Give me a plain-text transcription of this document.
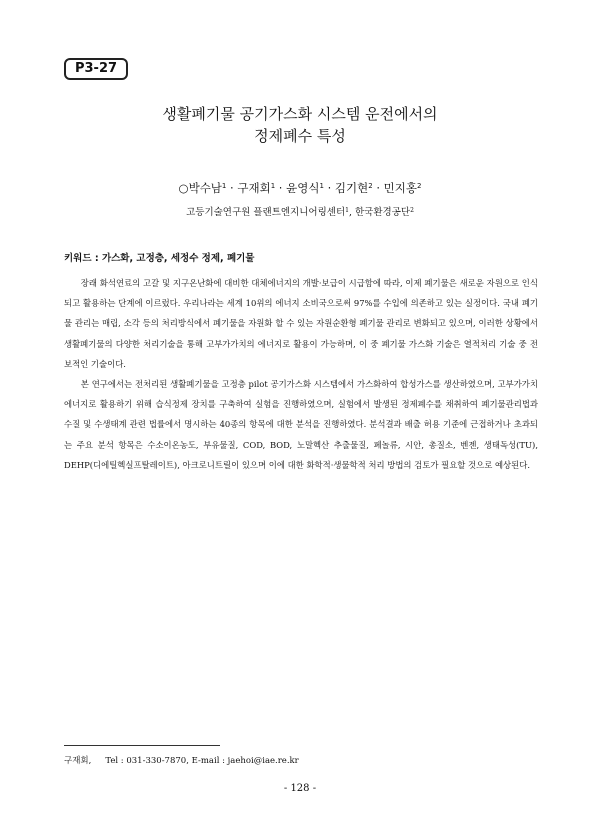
P3-27
생활폐기물 공기가스화 시스템 운전에서의
정제폐수 특성
○박수남$^1$ · 구재회$^1$ · 윤영식$^1$ · 김기현$^2$ · 민지홍$^2$
고등기술연구원 플랜트엔지니어링센터$^1$, 한국환경공단$^2$
키워드 : 가스화, 고정층, 세정수 정제, 폐기물

장래 화석연료의 고갈 및 지구온난화에 대비한 대체에너지의 개발·보급이 시급함에 따라, 이제 폐기물은 새로운 자원으로 인식되고 활용하는 단계에 이르렀다. 우리나라는 세계 10위의 에너지 소비국으로써 97%를 수입에 의존하고 있는 실정이다. 국내 폐기물 관리는 매립, 소각 등의 처리방식에서 폐기물을 자원화 할 수 있는 자원순환형 폐기물 관리로 변화되고 있으며, 이러한 상황에서 생활폐기물의 다양한 처리기술을 통해 고부가가치의 에너지로 활용이 가능하며, 이 중 폐기물 가스화 기술은 열적처리 기술 중 전보적인 기술이다.

본 연구에서는 전처리된 생활폐기물을 고정층 pilot 공기가스화 시스템에서 가스화하여 합성가스를 생산하였으며, 고부가가치 에너지로 활용하기 위해 습식정제 장치를 구축하여 실험을 진행하였으며, 실험에서 발생된 정제폐수를 채취하여 폐기물관리법과 수질 및 수생태계 관련 법률에서 명시하는 40종의 항목에 대한 분석을 진행하였다. 분석결과 배출 허용 기준에 근접하거나 초과되는 주요 분석 항목은 수소이온농도, 부유물질, COD, BOD, 노말헥산 추출물질, 페놀류, 시안, 총질소, 벤젠, 생태독성(TU), DEHP(디에틸헥실프탈레이트), 아크로니트릴이 있으며 이에 대한 화학적·생물학적 처리 방법의 검토가 필요할 것으로 예상된다.

구재회, Tel : 031-330-7870, E-mail : jaehoi@iae.re.kr
- 128 -
